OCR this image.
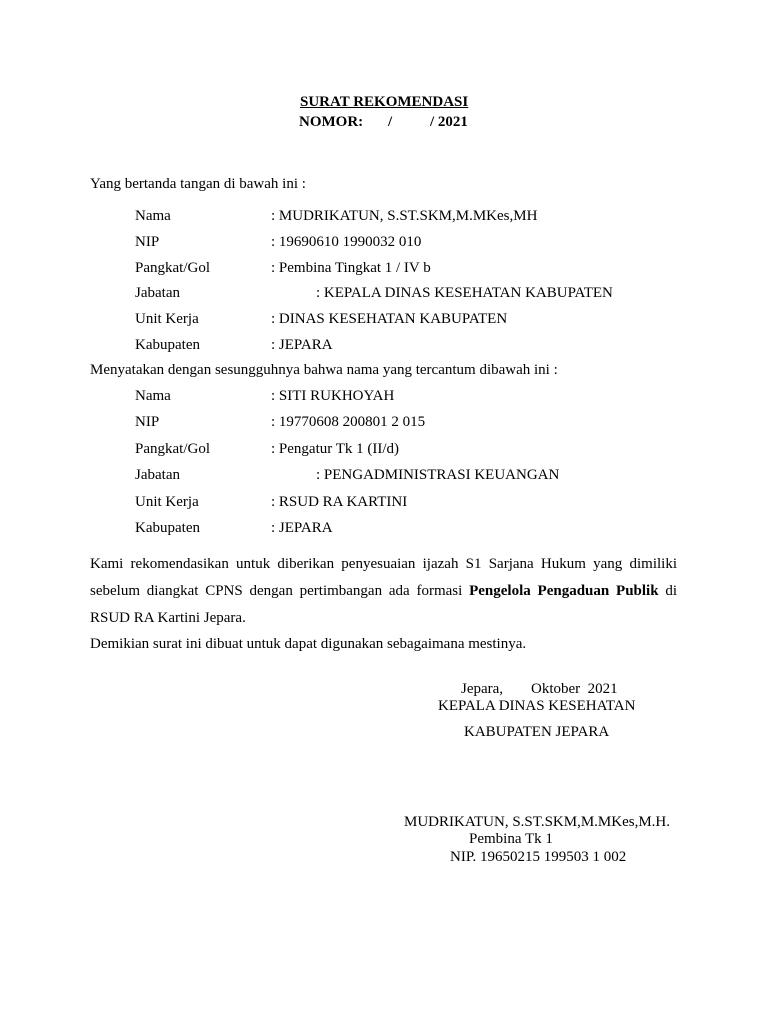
SURAT REKOMENDASI
NOMOR: /	/ 2021
Yang bertanda tangan di bawah ini :
Nama	: MUDRIKATUN, S.ST.SKM,M.MKes,MH
NIP	: 19690610 1990032 010
Pangkat/Gol	: Pembina Tingkat 1 / IV b
Jabatan	: KEPALA DINAS KESEHATAN KABUPATEN
Unit Kerja	: DINAS KESEHATAN KABUPATEN
Kabupaten	: JEPARA
Menyatakan dengan sesungguhnya bahwa nama yang tercantum dibawah ini :
Nama	: SITI RUKHOYAH
NIP	: 19770608 200801 2 015
Pangkat/Gol	: Pengatur Tk 1 (II/d)
Jabatan	: PENGADMINISTRASI KEUANGAN
Unit Kerja	: RSUD RA KARTINI
Kabupaten	: JEPARA
Kami rekomendasikan untuk diberikan penyesuaian ijazah S1 Sarjana Hukum yang dimiliki
sebelum diangkat CPNS dengan pertimbangan ada formasi Pengelola Pengaduan Publik di
RSUD RA Kartini Jepara.
Demikian surat ini dibuat untuk dapat digunakan sebagaimana mestinya.
Jepara, Oktober  2021
KEPALA DINAS KESEHATAN
KABUPATEN JEPARA
MUDRIKATUN, S.ST.SKM,M.MKes,M.H.
Pembina Tk 1
NIP. 19650215 199503 1 002
